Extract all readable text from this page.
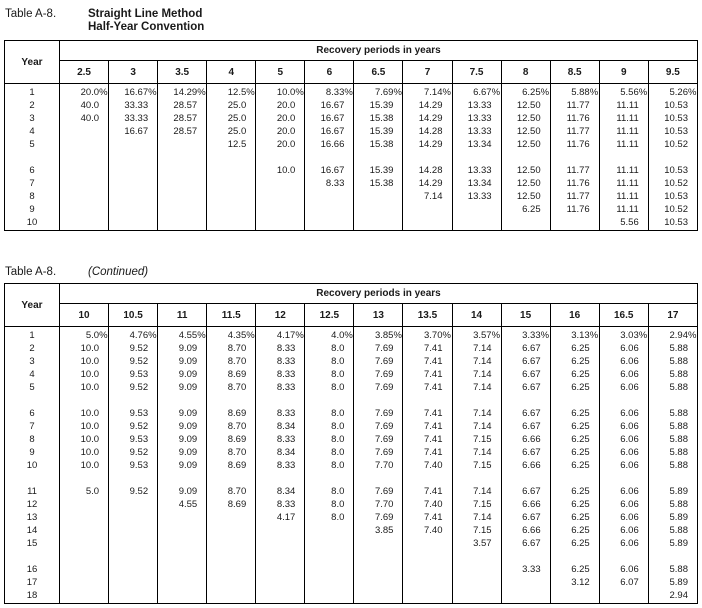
Table A-8.	Straight Line Method
Half-Year Convention
Year	Recovery periods in years												
	2.5	3	3.5	4	5	6	6.5	7	7.5	8	8.5	9	9.5

1	20.0%	16.67%	14.29%	12.5%	10.0%	8.33%	7.69%	7.14%	6.67%	6.25%	5.88%	5.56%	5.26%
2	40.0	33.33	28.57	25.0	20.0	16.67	15.39	14.29	13.33	12.50	11.77	11.11	10.53
3	40.0	33.33	28.57	25.0	20.0	16.67	15.38	14.29	13.33	12.50	11.76	11.11	10.53
4		16.67	28.57	25.0	20.0	16.67	15.39	14.28	13.33	12.50	11.77	11.11	10.53
5				12.5	20.0	16.66	15.38	14.29	13.34	12.50	11.76	11.11	10.52

6					10.0	16.67	15.39	14.28	13.33	12.50	11.77	11.11	10.53
7						8.33	15.38	14.29	13.34	12.50	11.76	11.11	10.52
8								7.14	13.33	12.50	11.77	11.11	10.53
9										6.25	11.76	11.11	10.52
10												5.56	10.53

Table A-8.	(Continued)
Year	Recovery periods in years												
	10	10.5	11	11.5	12	12.5	13	13.5	14	15	16	16.5	17

1	5.0%	4.76%	4.55%	4.35%	4.17%	4.0%	3.85%	3.70%	3.57%	3.33%	3.13%	3.03%	2.94%
2	10.0	9.52	9.09	8.70	8.33	8.0	7.69	7.41	7.14	6.67	6.25	6.06	5.88
3	10.0	9.52	9.09	8.70	8.33	8.0	7.69	7.41	7.14	6.67	6.25	6.06	5.88
4	10.0	9.53	9.09	8.69	8.33	8.0	7.69	7.41	7.14	6.67	6.25	6.06	5.88
5	10.0	9.52	9.09	8.70	8.33	8.0	7.69	7.41	7.14	6.67	6.25	6.06	5.88

6	10.0	9.53	9.09	8.69	8.33	8.0	7.69	7.41	7.14	6.67	6.25	6.06	5.88
7	10.0	9.52	9.09	8.70	8.34	8.0	7.69	7.41	7.14	6.67	6.25	6.06	5.88
8	10.0	9.53	9.09	8.69	8.33	8.0	7.69	7.41	7.15	6.66	6.25	6.06	5.88
9	10.0	9.52	9.09	8.70	8.34	8.0	7.69	7.41	7.14	6.67	6.25	6.06	5.88
10	10.0	9.53	9.09	8.69	8.33	8.0	7.70	7.40	7.15	6.66	6.25	6.06	5.88

11	5.0	9.52	9.09	8.70	8.34	8.0	7.69	7.41	7.14	6.67	6.25	6.06	5.89
12			4.55	8.69	8.33	8.0	7.70	7.40	7.15	6.66	6.25	6.06	5.88
13					4.17	8.0	7.69	7.41	7.14	6.67	6.25	6.06	5.89
14							3.85	7.40	7.15	6.66	6.25	6.06	5.88
15									3.57	6.67	6.25	6.06	5.89

16										3.33	6.25	6.06	5.88
17											3.12	6.07	5.89
18													2.94
